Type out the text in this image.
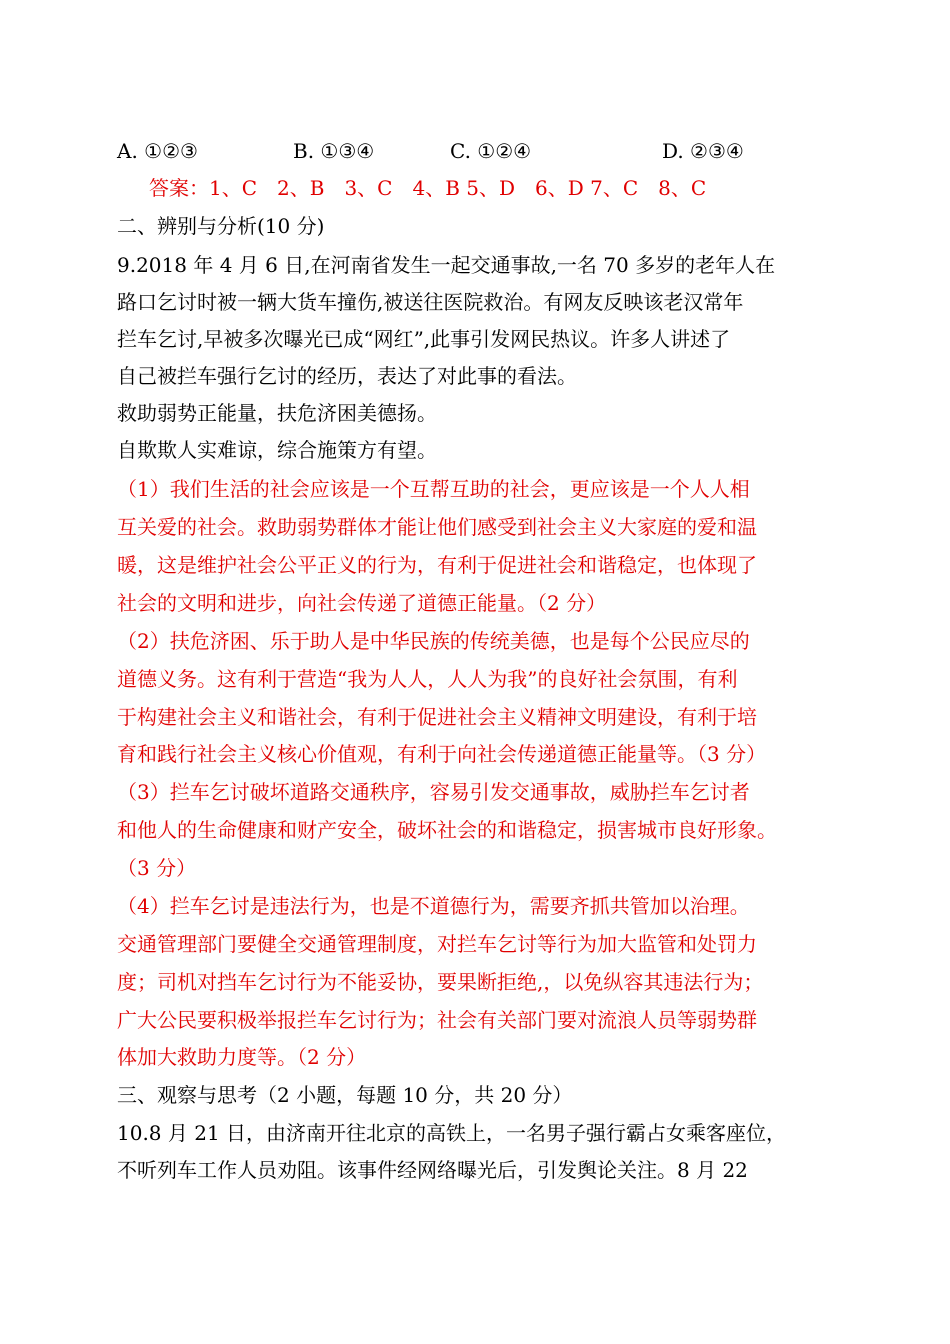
A. ①②③	B. ①③④	C. ①②④	D. ②③④
答案：1、C　2、B　3、C　4、B 5、D　6、D 7、C　8、C
二、辨别与分析(10 分)
9.2018 年 4 月 6 日,在河南省发生一起交通事故,一名 70 多岁的老年人在
路口乞讨时被一辆大货车撞伤,被送往医院救治。有网友反映该老汉常年
拦车乞讨,早被多次曝光已成“网红”,此事引发网民热议。许多人讲述了
自己被拦车强行乞讨的经历，表达了对此事的看法。
救助弱势正能量，扶危济困美德扬。
自欺欺人实难谅，综合施策方有望。
（1）我们生活的社会应该是一个互帮互助的社会，更应该是一个人人相
互关爱的社会。救助弱势群体才能让他们感受到社会主义大家庭的爱和温
暖，这是维护社会公平正义的行为，有利于促进社会和谐稳定，也体现了
社会的文明和进步，向社会传递了道德正能量。（2 分）
（2）扶危济困、乐于助人是中华民族的传统美德，也是每个公民应尽的
道德义务。这有利于营造“我为人人，人人为我”的良好社会氛围，有利
于构建社会主义和谐社会，有利于促进社会主义精神文明建设，有利于培
育和践行社会主义核心价值观，有利于向社会传递道德正能量等。（3 分）
（3）拦车乞讨破坏道路交通秩序，容易引发交通事故，威胁拦车乞讨者
和他人的生命健康和财产安全，破坏社会的和谐稳定，损害城市良好形象。
（3 分）
（4）拦车乞讨是违法行为，也是不道德行为，需要齐抓共管加以治理。
交通管理部门要健全交通管理制度，对拦车乞讨等行为加大监管和处罚力
度；司机对挡车乞讨行为不能妥协，要果断拒绝,，以免纵容其违法行为；
广大公民要积极举报拦车乞讨行为；社会有关部门要对流浪人员等弱势群
体加大救助力度等。（2 分）
三、观察与思考（2 小题，每题 10 分，共 20 分）
10.8 月 21 日，由济南开往北京的高铁上，一名男子强行霸占女乘客座位，
不听列车工作人员劝阻。该事件经网络曝光后，引发舆论关注。8 月 22
